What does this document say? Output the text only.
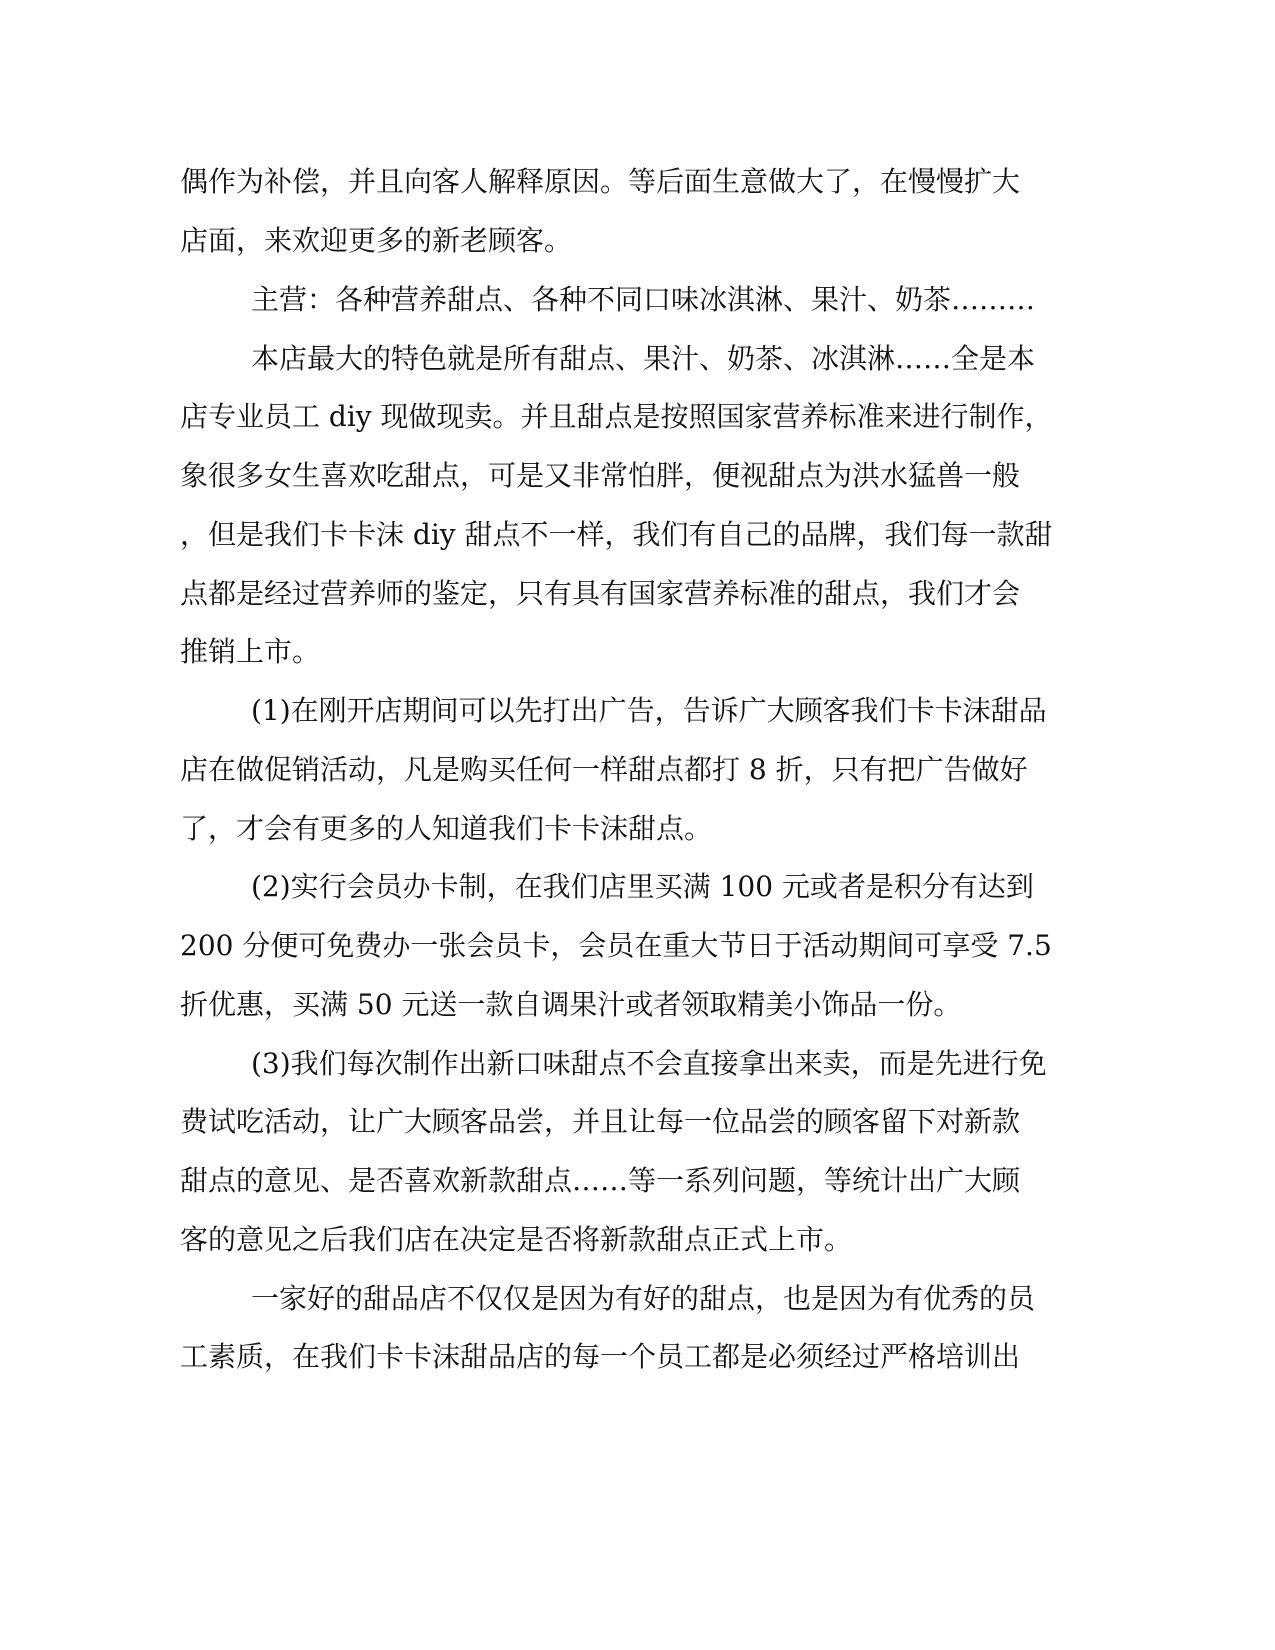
偶作为补偿，并且向客人解释原因。等后面生意做大了，在慢慢扩大
店面，来欢迎更多的新老顾客。
主营：各种营养甜点、各种不同口味冰淇淋、果汁、奶茶………
本店最大的特色就是所有甜点、果汁、奶茶、冰淇淋……全是本
店专业员工 diy 现做现卖。并且甜点是按照国家营养标准来进行制作，
象很多女生喜欢吃甜点，可是又非常怕胖，便视甜点为洪水猛兽一般
，但是我们卡卡沫 diy 甜点不一样，我们有自己的品牌，我们每一款甜
点都是经过营养师的鉴定，只有具有国家营养标准的甜点，我们才会
推销上市。
(1)在刚开店期间可以先打出广告，告诉广大顾客我们卡卡沫甜品
店在做促销活动，凡是购买任何一样甜点都打 8 折，只有把广告做好
了，才会有更多的人知道我们卡卡沫甜点。
(2)实行会员办卡制，在我们店里买满 100 元或者是积分有达到
200 分便可免费办一张会员卡，会员在重大节日于活动期间可享受 7.5
折优惠，买满 50 元送一款自调果汁或者领取精美小饰品一份。
(3)我们每次制作出新口味甜点不会直接拿出来卖，而是先进行免
费试吃活动，让广大顾客品尝，并且让每一位品尝的顾客留下对新款
甜点的意见、是否喜欢新款甜点……等一系列问题，等统计出广大顾
客的意见之后我们店在决定是否将新款甜点正式上市。
一家好的甜品店不仅仅是因为有好的甜点，也是因为有优秀的员
工素质，在我们卡卡沫甜品店的每一个员工都是必须经过严格培训出
